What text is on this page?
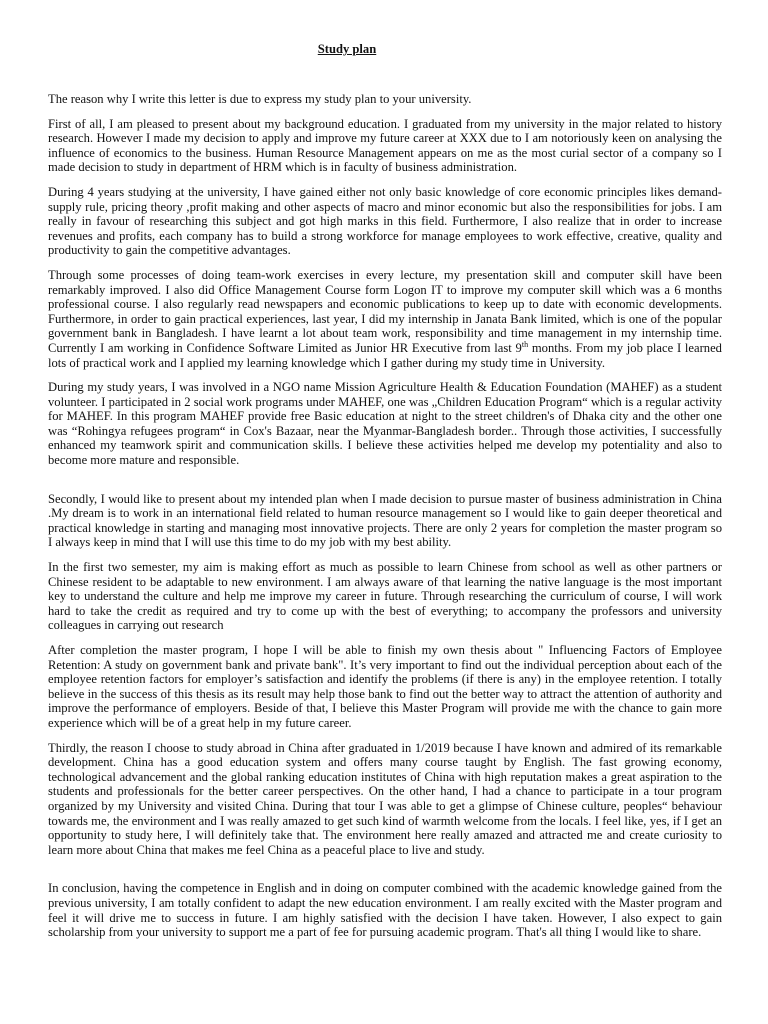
Study plan

The reason why I write this letter is due to express my study plan to your university.

First of all, I am pleased to present about my background education. I graduated from my university in the major related to history research. However I made my decision to apply and improve my future career at XXX due to I am notoriously keen on analysing the influence of economics to the business. Human Resource Management appears on me as the most curial sector of a company so I made decision to study in department of HRM which is in faculty of business administration.

During 4 years studying at the university, I have gained either not only basic knowledge of core economic principles likes demand-supply rule, pricing theory ,profit making and other aspects of macro and minor economic but also the responsibilities for jobs. I am really in favour of researching this subject and got high marks in this field. Furthermore, I also realize that in order to increase revenues and profits, each company has to build a strong workforce for manage employees to work effective, creative, quality and productivity to gain the competitive advantages.

Through some processes of doing team-work exercises in every lecture, my presentation skill and computer skill have been remarkably improved. I also did Office Management Course form Logon IT to improve my computer skill which was a 6 months professional course. I also regularly read newspapers and economic publications to keep up to date with economic developments. Furthermore, in order to gain practical experiences, last year, I did my internship in Janata Bank limited, which is one of the popular government bank in Bangladesh. I have learnt a lot about team work, responsibility and time management in my internship time. Currently I am working in Confidence Software Limited as Junior HR Executive from last 9th months. From my job place I learned lots of practical work and I applied my learning knowledge which I gather during my study time in University.

During my study years, I was involved in a NGO name Mission Agriculture Health & Education Foundation (MAHEF) as a student volunteer. I participated in 2 social work programs under MAHEF, one was „Children Education Program“ which is a regular activity for MAHEF. In this program MAHEF provide free Basic education at night to the street children's of Dhaka city and the other one was “Rohingya refugees program“ in Cox's Bazaar, near the Myanmar-Bangladesh border.. Through those activities, I successfully enhanced my teamwork spirit and communication skills. I believe these activities helped me develop my potentiality and also to become more mature and responsible.

Secondly, I would like to present about my intended plan when I made decision to pursue master of business administration in China .My dream is to work in an international field related to human resource management so I would like to gain deeper theoretical and practical knowledge in starting and managing most innovative projects. There are only 2 years for completion the master program so I always keep in mind that I will use this time to do my job with my best ability.

In the first two semester, my aim is making effort as much as possible to learn Chinese from school as well as other partners or Chinese resident to be adaptable to new environment. I am always aware of that learning the native language is the most important key to understand the culture and help me improve my career in future. Through researching the curriculum of course, I will work hard to take the credit as required and try to come up with the best of everything; to accompany the professors and university colleagues in carrying out research

After completion the master program, I hope I will be able to finish my own thesis about " Influencing Factors of Employee Retention: A study on government bank and private bank". It’s very important to find out the individual perception about each of the employee retention factors for employer’s satisfaction and identify the problems (if there is any) in the employee retention. I totally believe in the success of this thesis as its result may help those bank to find out the better way to attract the attention of authority and improve the performance of employers. Beside of that, I believe this Master Program will provide me with the chance to gain more experience which will be of a great help in my future career.

Thirdly, the reason I choose to study abroad in China after graduated in 1/2019 because I have known and admired of its remarkable development. China has a good education system and offers many course taught by English. The fast growing economy, technological advancement and the global ranking education institutes of China with high reputation makes a great aspiration to the students and professionals for the better career perspectives. On the other hand, I had a chance to participate in a tour program organized by my University and visited China. During that tour I was able to get a glimpse of Chinese culture, peoples“ behaviour towards me, the environment and I was really amazed to get such kind of warmth welcome from the locals. I feel like, yes, if I get an opportunity to study here, I will definitely take that. The environment here really amazed and attracted me and create curiosity to learn more about China that makes me feel China as a peaceful place to live and study.

In conclusion, having the competence in English and in doing on computer combined with the academic knowledge gained from the previous university, I am totally confident to adapt the new education environment. I am really excited with the Master program and feel it will drive me to success in future. I am highly satisfied with the decision I have taken. However, I also expect to gain scholarship from your university to support me a part of fee for pursuing academic program. That's all thing I would like to share.
